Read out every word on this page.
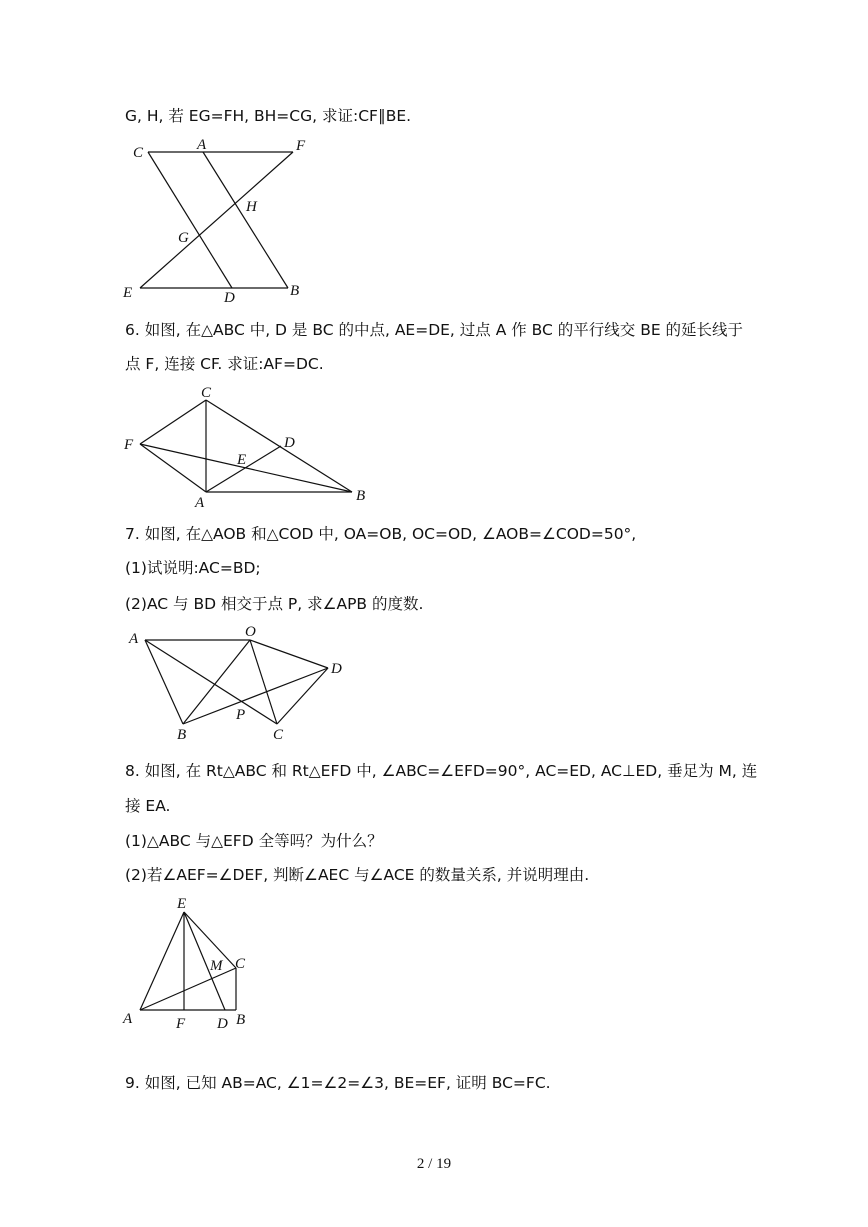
G, H, 若 EG=FH, BH=CG, 求证:CF∥BE.
C	A	F
H
G
E	D	B
6. 如图, 在△ABC 中, D 是 BC 的中点, AE=DE, 过点 A 作 BC 的平行线交 BE 的延长线于
点 F, 连接 CF. 求证:AF=DC.
C
F	D
E
A	B
7. 如图, 在△AOB 和△COD 中, OA=OB, OC=OD, ∠AOB=∠COD=50°,
(1)试说明:AC=BD;
(2)AC 与 BD 相交于点 P, 求∠APB 的度数.
A	O
D
P
B	C
8. 如图, 在 Rt△ABC 和 Rt△EFD 中, ∠ABC=∠EFD=90°, AC=ED, AC⊥ED, 垂足为 M, 连
接 EA.
(1)△ABC 与△EFD 全等吗？为什么？
(2)若∠AEF=∠DEF, 判断∠AEC 与∠ACE 的数量关系, 并说明理由.
E
M C
A	F D B
9. 如图, 已知 AB=AC, ∠1=∠2=∠3, BE=EF, 证明 BC=FC.
2 / 19
